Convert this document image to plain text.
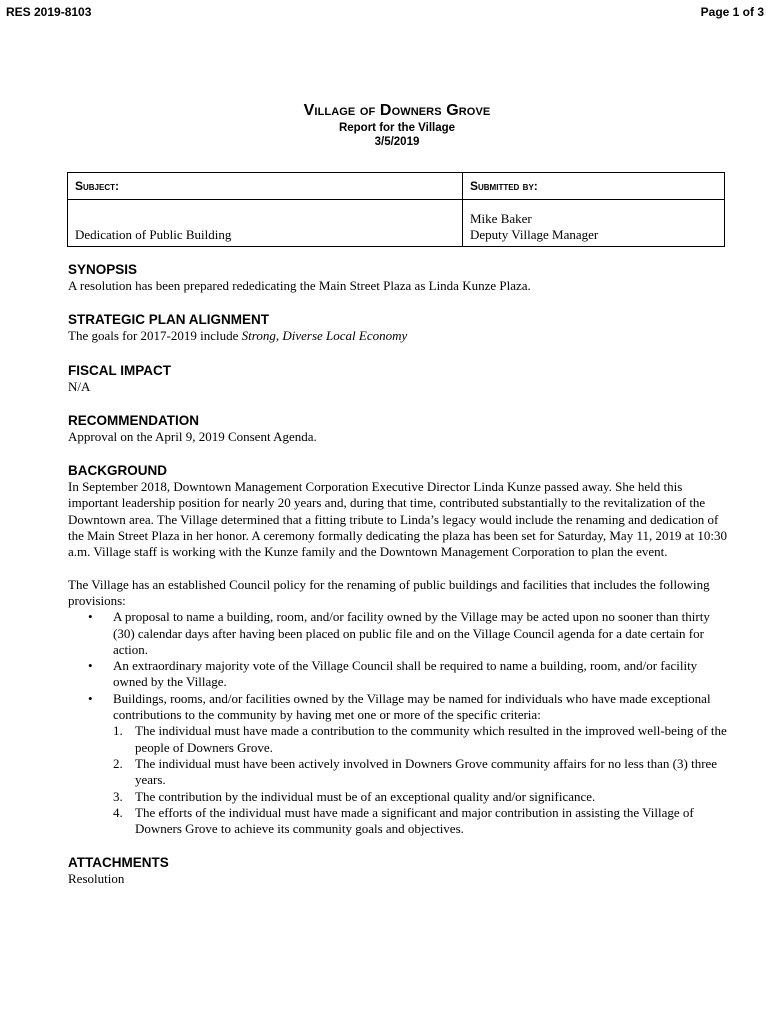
RES 2019-8103	Page 1 of 3
Village of Downers Grove
Report for the Village
3/5/2019
Subject:	Submitted by:
Dedication of Public Building	Mike Baker
Deputy Village Manager
SYNOPSIS

A resolution has been prepared rededicating the Main Street Plaza as Linda Kunze Plaza.

STRATEGIC PLAN ALIGNMENT

The goals for 2017-2019 include Strong, Diverse Local Economy

FISCAL IMPACT

N/A

RECOMMENDATION

Approval on the April 9, 2019 Consent Agenda.

BACKGROUND

In September 2018, Downtown Management Corporation Executive Director Linda Kunze passed away. She held this important leadership position for nearly 20 years and, during that time, contributed substantially to the revitalization of the Downtown area. The Village determined that a fitting tribute to Linda’s legacy would include the renaming and dedication of the Main Street Plaza in her honor. A ceremony formally dedicating the plaza has been set for Saturday, May 11, 2019 at 10:30 a.m. Village staff is working with the Kunze family and the Downtown Management Corporation to plan the event.

The Village has an established Council policy for the renaming of public buildings and facilities that includes the following provisions:

• A proposal to name a building, room, and/or facility owned by the Village may be acted upon no sooner than thirty (30) calendar days after having been placed on public file and on the Village Council agenda for a date certain for action.
• An extraordinary majority vote of the Village Council shall be required to name a building, room, and/or facility owned by the Village.
• Buildings, rooms, and/or facilities owned by the Village may be named for individuals who have made exceptional contributions to the community by having met one or more of the specific criteria:
1. The individual must have made a contribution to the community which resulted in the improved well-being of the people of Downers Grove.
2. The individual must have been actively involved in Downers Grove community affairs for no less than (3) three years.
3. The contribution by the individual must be of an exceptional quality and/or significance.
4. The efforts of the individual must have made a significant and major contribution in assisting the Village of Downers Grove to achieve its community goals and objectives.
ATTACHMENTS

Resolution
